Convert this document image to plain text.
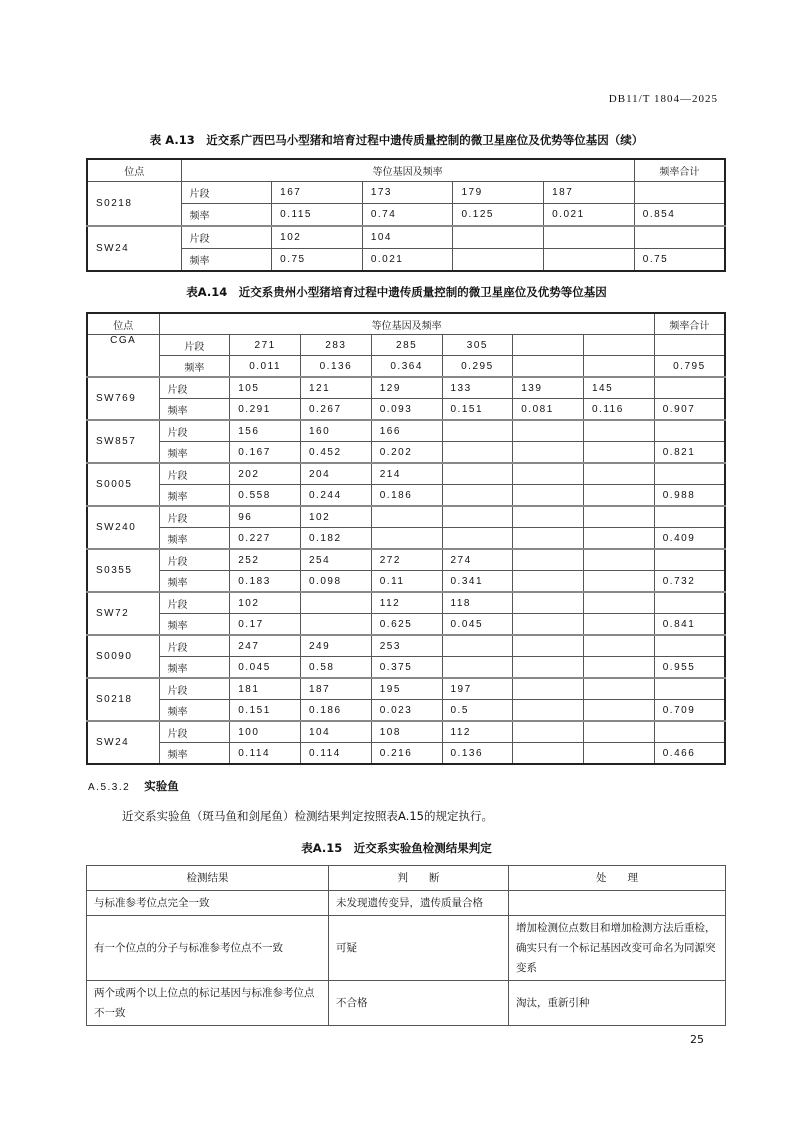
DB11/T 1804—2025
表 A.13　近交系广西巴马小型猪和培育过程中遗传质量控制的微卫星座位及优势等位基因（续）
位点	等位基因及频率					频率合计
S0218	片段	167	173	179	187	
	频率	0.115	0.74	0.125	0.021	0.854
SW24	片段	102	104			
	频率	0.75	0.021			0.75
表A.14　近交系贵州小型猪培育过程中遗传质量控制的微卫星座位及优势等位基因
位点	等位基因及频率							频率合计
CGA	片段	271	283	285	305			
	频率	0.011	0.136	0.364	0.295			0.795
SW769	片段	105	121	129	133	139	145	
	频率	0.291	0.267	0.093	0.151	0.081	0.116	0.907
SW857	片段	156	160	166				
	频率	0.167	0.452	0.202				0.821
S0005	片段	202	204	214				
	频率	0.558	0.244	0.186				0.988
SW240	片段	96	102					
	频率	0.227	0.182					0.409
S0355	片段	252	254	272	274			
	频率	0.183	0.098	0.11	0.341			0.732
SW72	片段	102		112	118			
	频率	0.17		0.625	0.045			0.841
S0090	片段	247	249	253				
	频率	0.045	0.58	0.375				0.955
S0218	片段	181	187	195	197			
	频率	0.151	0.186	0.023	0.5			0.709
SW24	片段	100	104	108	112			
	频率	0.114	0.114	0.216	0.136			0.466
A.5.3.2 实验鱼
近交系实验鱼（斑马鱼和剑尾鱼）检测结果判定按照表A.15的规定执行。
表A.15　近交系实验鱼检测结果判定
检测结果	判　　断	处　　理
与标准参考位点完全一致	未发现遗传变异，遗传质量合格	
有一个位点的分子与标准参考位点不一致	可疑	增加检测位点数目和增加检测方法后重检，确实只有一个标记基因改变可命名为同源突变系
两个或两个以上位点的标记基因与标准参考位点不一致	不合格	淘汰，重新引种
25
